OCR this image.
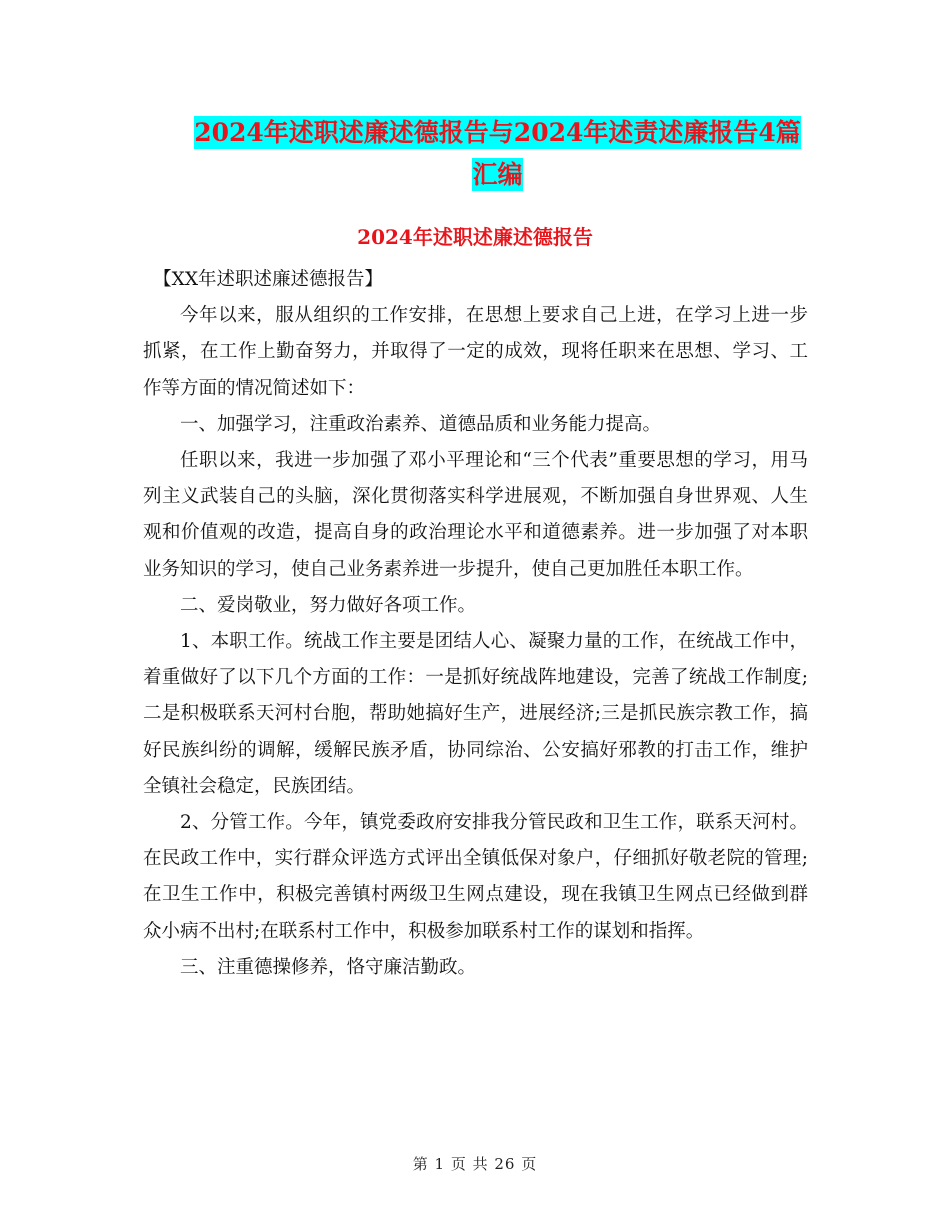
2024年述职述廉述德报告与2024年述责述廉报告4篇
汇编
2024年述职述廉述德报告

【XX年述职述廉述德报告】

今年以来，服从组织的工作安排，在思想上要求自己上进，在学习上进一步抓紧，在工作上勤奋努力，并取得了一定的成效，现将任职来在思想、学习、工作等方面的情况简述如下：

一、加强学习，注重政治素养、道德品质和业务能力提高。

任职以来，我进一步加强了邓小平理论和“三个代表”重要思想的学习，用马列主义武装自己的头脑，深化贯彻落实科学进展观，不断加强自身世界观、人生观和价值观的改造，提高自身的政治理论水平和道德素养。进一步加强了对本职业务知识的学习，使自己业务素养进一步提升，使自己更加胜任本职工作。

二、爱岗敬业，努力做好各项工作。

1、本职工作。统战工作主要是团结人心、凝聚力量的工作，在统战工作中，着重做好了以下几个方面的工作：一是抓好统战阵地建设，完善了统战工作制度;二是积极联系天河村台胞，帮助她搞好生产，进展经济;三是抓民族宗教工作，搞好民族纠纷的调解，缓解民族矛盾，协同综治、公安搞好邪教的打击工作，维护全镇社会稳定，民族团结。

2、分管工作。今年，镇党委政府安排我分管民政和卫生工作，联系天河村。在民政工作中，实行群众评选方式评出全镇低保对象户，仔细抓好敬老院的管理;在卫生工作中，积极完善镇村两级卫生网点建设，现在我镇卫生网点已经做到群众小病不出村;在联系村工作中，积极参加联系村工作的谋划和指挥。

三、注重德操修养，恪守廉洁勤政。

第 1 页 共 26 页
